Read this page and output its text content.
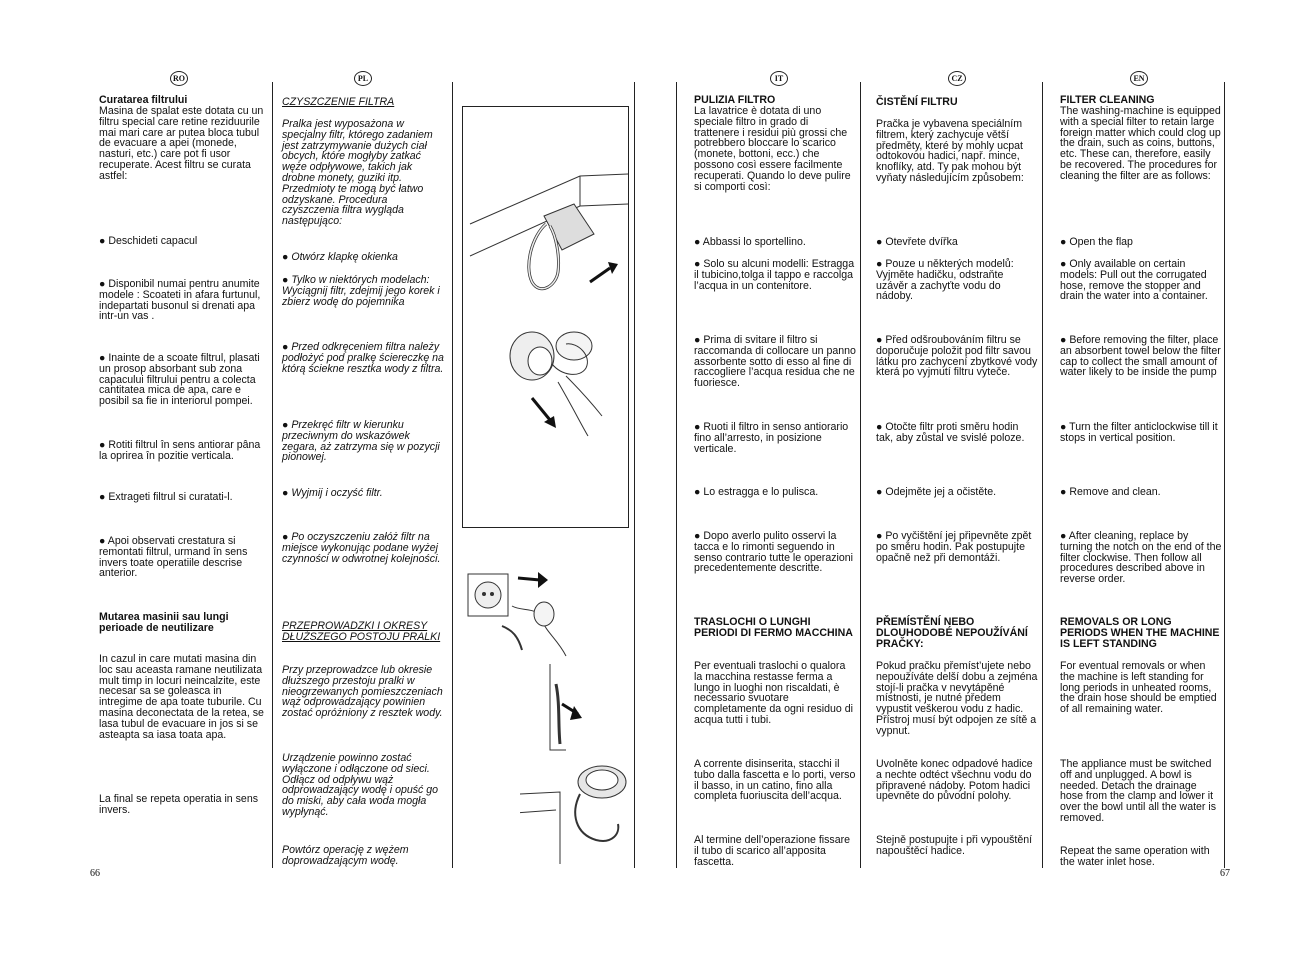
RO	PL	IT	CZ	EN

Curatarea filtrului

Masina de spalat este dotata cu un filtru special care retine reziduurile mai mari care ar putea bloca tubul de evacuare a apei (monede, nasturi, etc.) care pot fi usor recuperate. Acest filtru se curata astfel:

● Deschideti capacul

● Disponibil numai pentru anumite modele : Scoateti in afara furtunul, indepartati busonul si drenati apa intr-un vas .

● Inainte de a scoate filtrul, plasati un prosop absorbant sub zona capacului filtrului pentru a colecta cantitatea mica de apa, care e posibil sa fie in interiorul pompei.

● Rotiti filtrul în sens antiorar pâna la oprirea în pozitie verticala.

● Extrageti filtrul si curatati-l.

● Apoi observati crestatura si remontati filtrul, urmand în sens invers toate operatiile descrise anterior.

Mutarea masinii sau lungi perioade de neutilizare

In cazul in care mutati masina din loc sau aceasta ramane neutilizata mult timp in locuri neincalzite, este necesar sa se goleasca in intregime de apa toate tuburile. Cu masina deconectata de la retea, se lasa tubul de evacuare in jos si se asteapta sa iasa toata apa.

La final se repeta operatia in sens invers.

CZYSZCZENIE FILTRA

Pralka jest wyposażona w specjalny filtr, którego zadaniem jest zatrzymywanie dużych ciał obcych, które mogłyby zatkać węże odpływowe, takich jak drobne monety, guziki itp. Przedmioty te mogą być łatwo odzyskane. Procedura czyszczenia filtra wygląda następująco:

● Otwórz klapkę okienka

● Tylko w niektórych modelach: Wyciągnij filtr, zdejmij jego korek i zbierz wodę do pojemnika

● Przed odkręceniem filtra należy podłożyć pod pralkę ściereczkę na którą ściekne resztka wody z filtra.

● Przekręć filtr w kierunku przeciwnym do wskazówek zegara, aż zatrzyma się w pozycji pionowej.

● Wyjmij i oczyść filtr.

● Po oczyszczeniu załóż filtr na miejsce wykonując podane wyżej czynności w odwrotnej kolejności.

PRZEPROWADZKI I OKRESY DŁUŻSZEGO POSTOJU PRALKI

Przy przeprowadzce lub okresie dłuższego przestoju pralki w nieogrzewanych pomieszczeniach wąż odprowadzający powinien zostać opróżniony z resztek wody.

Urządzenie powinno zostać wyłączone i odłączone od sieci. Odłącz od odpływu wąż odprowadzający wodę i opuść go do miski, aby cała woda mogła wypłynąć.

Powtórz operację z wężem doprowadzającym wodę.

PULIZIA FILTRO

La lavatrice è dotata di uno speciale filtro in grado di trattenere i residui più grossi che potrebbero bloccare lo scarico (monete, bottoni, ecc.) che possono così essere facilmente recuperati. Quando lo deve pulire si comporti così:

● Abbassi lo sportellino.

● Solo su alcuni modelli: Estragga il tubicino,tolga il tappo e raccolga l’acqua in un contenitore.

● Prima di svitare il filtro si raccomanda di collocare un panno assorbente sotto di esso al fine di raccogliere l’acqua residua che ne fuoriesce.

● Ruoti il filtro in senso antiorario fino all’arresto, in posizione verticale.

● Lo estragga e lo pulisca.

● Dopo averlo pulito osservi la tacca e lo rimonti seguendo in senso contrario tutte le operazioni precedentemente descritte.

TRASLOCHI O LUNGHI PERIODI DI FERMO MACCHINA

Per eventuali traslochi o qualora la macchina restasse ferma a lungo in luoghi non riscaldati, è necessario svuotare completamente da ogni residuo di acqua tutti i tubi.

A corrente disinserita, stacchi il tubo dalla fascetta e lo porti, verso il basso, in un catino, fino alla completa fuoriuscita dell’acqua.

Al termine dell’operazione fissare il tubo di scarico all’apposita fascetta.

ČISTĚNÍ FILTRU

Pračka je vybavena speciálním filtrem, který zachycuje větší předměty, které by mohly ucpat odtokovou hadici, např. mince, knoflíky, atd. Ty pak mohou být vyňaty následujícím způsobem:

● Otevřete dvířka

● Pouze u některých modelů: Vyjměte hadičku, odstraňte uzávěr a zachyťte vodu do nádoby.

● Před odšroubováním filtru se doporučuje položit pod filtr savou látku pro zachycení zbytkové vody která po vyjmutí filtru vyteče.

● Otočte filtr proti směru hodin tak, aby zůstal ve svislé poloze.

● Odejměte jej a očistěte.

● Po vyčištění jej připevněte zpět po směru hodin. Pak postupujte opačně než při demontáži.

PŘEMÍSTĚNÍ NEBO DLOUHODOBÉ NEPOUŽÍVÁNÍ PRAČKY:

Pokud pračku přemíst’ujete nebo nepoužíváte delší dobu a zejména stojí-li pračka v nevytápěné místnosti, je nutné předem vypustit veškerou vodu z hadic. Přístroj musí být odpojen ze sítě a vypnut.

Uvolněte konec odpadové hadice a nechte odtéct všechnu vodu do připravené nádoby. Potom hadici upevněte do původní polohy.

Stejně postupujte i při vypouštění napouštěcí hadice.

FILTER CLEANING

The washing-machine is equipped with a special filter to retain large foreign matter which could clog up the drain, such as coins, buttons, etc. These can, therefore, easily be recovered. The procedures for cleaning the filter are as follows:

● Open the flap

● Only available on certain models: Pull out the corrugated hose, remove the stopper and drain the water into a container.

● Before removing the filter, place an absorbent towel below the filter cap to collect the small amount of water likely to be inside the pump

● Turn the filter anticlockwise till it stops in vertical position.

● Remove and clean.

● After cleaning, replace by turning the notch on the end of the filter clockwise. Then follow all procedures described above in reverse order.

REMOVALS OR LONG PERIODS WHEN THE MACHINE IS LEFT STANDING

For eventual removals or when the machine is left standing for long periods in unheated rooms, the drain hose should be emptied of all remaining water.

The appliance must be switched off and unplugged. A bowl is needed. Detach the drainage hose from the clamp and lower it over the bowl until all the water is removed.

Repeat the same operation with the water inlet hose.

66	67
